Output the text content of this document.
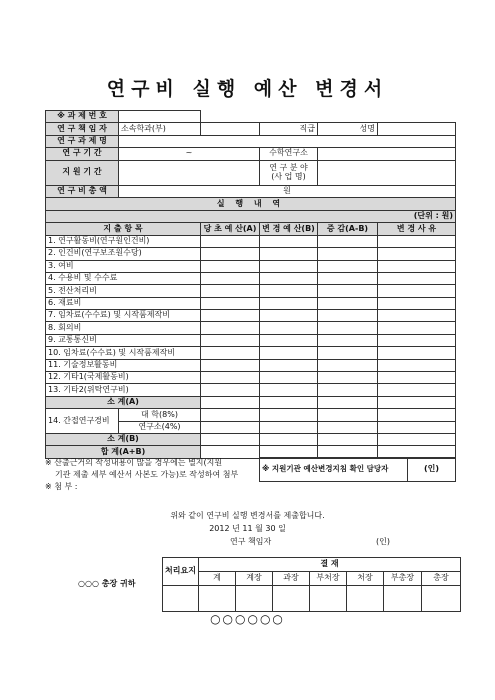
연구비 실행 예산 변경서
※ 과 제 번 호					
연 구 책 임 자	소속학과(부)		직급	성명	
연 구 과 제 명					
연 구 기 간	~		수학연구소		
지 원 기 간			연 구 분 야
(사 업 명)		
연 구 비 총 액	원				
실 행 내 역					
(단위 : 원)					
지 출 항 목		당 초 예 산(A)	변 경 예 산(B)	증 감(A-B)	변 경 사 유
1. 연구활동비(연구원인건비)					
2. 인건비(연구보조원수당)					
3. 여비					
4. 수용비 및 수수료					
5. 전산처리비					
6. 재료비					
7. 임차료(수수료) 및 시작품제작비					
8. 회의비					
9. 교통통신비					
10. 임차료(수수료) 및 시작품제작비					
11. 기술정보활동비					
12. 기타1(국제활동비)					
13. 기타2(위탁연구비)					
소 계(A)					
14. 간접연구경비	대 학(8%)				
	연구소(4%)				
소 계(B)					
합 계(A+B)					
※ 산출근거의 작성내용이 많을 경우에는 별지(지원
기관 제출 세부 예산서 사본도 가능)로 작성하여 첨부
※ 첨 부 :
※ 지원기관 예산변경지침 확인 담당자	(인)
위와 같이 연구비 실행 변경서를 제출합니다.
2012 년 11 월 30 일
연구 책임자	(인)
○○○ 총장 귀하
처리요지	결 재						
	계	계장	과장	부처장	처장	부총장	총장

○○○○○○
